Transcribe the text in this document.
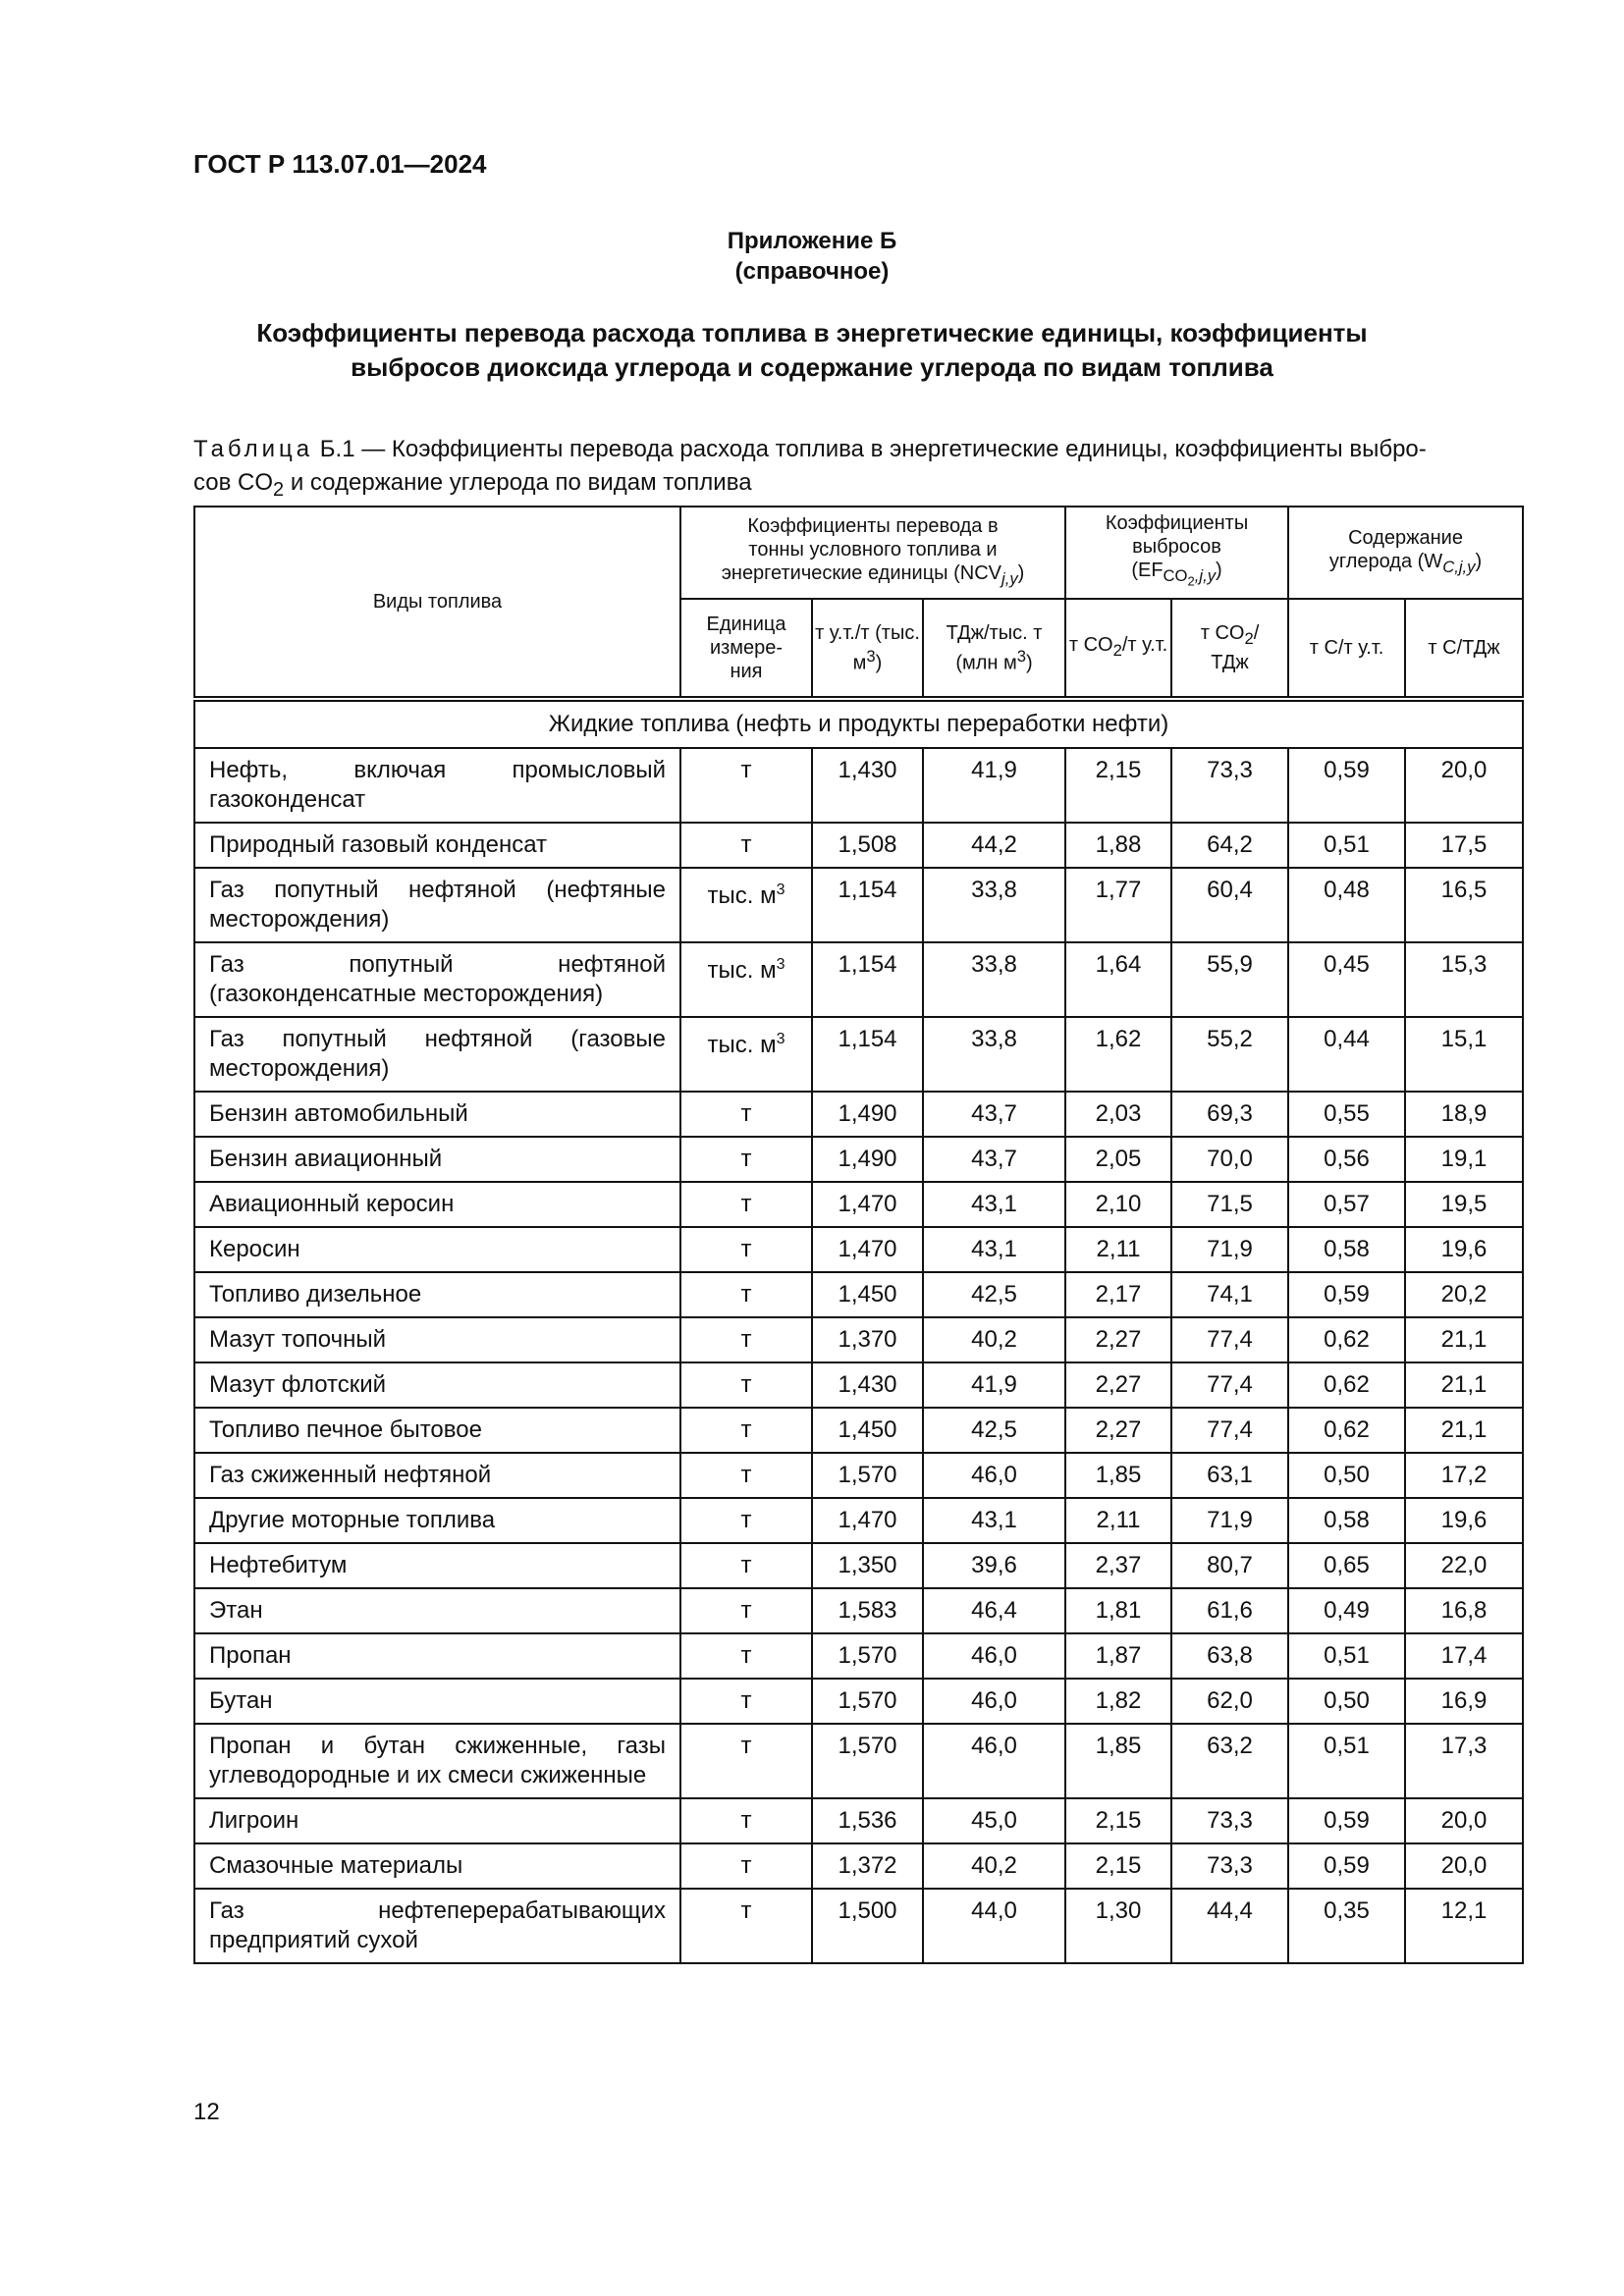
ГОСТ Р 113.07.01—2024
Приложение Б
(справочное)
Коэффициенты перевода расхода топлива в энергетические единицы, коэффициенты
выбросов диоксида углерода и содержание углерода по видам топлива
Таблица Б.1 — Коэффициенты перевода расхода топлива в энергетические единицы, коэффициенты выбро-
сов $CO_2$ и содержание углерода по видам топлива
Виды топлива	Коэффициенты перевода в тонны условного топлива и энергетические единицы $(NCV_{j,y})$			Коэффициенты выбросов $(EF_{CO_2,j,y})$		Содержание углерода $(W_{C,j,y})$	
	Единица измере-ния	т у.т./т (тыс. $м^3$)	ТДж/тыс. т (млн $м^3$)	т $CO_2/т$ у.т.	т $CO_2/$ ТДж	т С/т у.т.	т С/ТДж
Жидкие топлива (нефть и продукты переработки нефти)							
Нефть, включая промысловый газоконденсат	т	1,430	41,9	2,15	73,3	0,59	20,0
Природный газовый конденсат	т	1,508	44,2	1,88	64,2	0,51	17,5
Газ попутный нефтяной (нефтяные месторождения)	тыс. $м^3$	1,154	33,8	1,77	60,4	0,48	16,5
Газ попутный нефтяной (газоконденсатные месторождения)	тыс. $м^3$	1,154	33,8	1,64	55,9	0,45	15,3
Газ попутный нефтяной (газовые месторождения)	тыс. $м^3$	1,154	33,8	1,62	55,2	0,44	15,1
Бензин автомобильный	т	1,490	43,7	2,03	69,3	0,55	18,9
Бензин авиационный	т	1,490	43,7	2,05	70,0	0,56	19,1
Авиационный керосин	т	1,470	43,1	2,10	71,5	0,57	19,5
Керосин	т	1,470	43,1	2,11	71,9	0,58	19,6
Топливо дизельное	т	1,450	42,5	2,17	74,1	0,59	20,2
Мазут топочный	т	1,370	40,2	2,27	77,4	0,62	21,1
Мазут флотский	т	1,430	41,9	2,27	77,4	0,62	21,1
Топливо печное бытовое	т	1,450	42,5	2,27	77,4	0,62	21,1
Газ сжиженный нефтяной	т	1,570	46,0	1,85	63,1	0,50	17,2
Другие моторные топлива	т	1,470	43,1	2,11	71,9	0,58	19,6
Нефтебитум	т	1,350	39,6	2,37	80,7	0,65	22,0
Этан	т	1,583	46,4	1,81	61,6	0,49	16,8
Пропан	т	1,570	46,0	1,87	63,8	0,51	17,4
Бутан	т	1,570	46,0	1,82	62,0	0,50	16,9
Пропан и бутан сжиженные, газы углеводородные и их смеси сжиженные	т	1,570	46,0	1,85	63,2	0,51	17,3
Лигроин	т	1,536	45,0	2,15	73,3	0,59	20,0
Смазочные материалы	т	1,372	40,2	2,15	73,3	0,59	20,0
Газ нефтеперерабатывающих предприятий сухой	т	1,500	44,0	1,30	44,4	0,35	12,1
12
